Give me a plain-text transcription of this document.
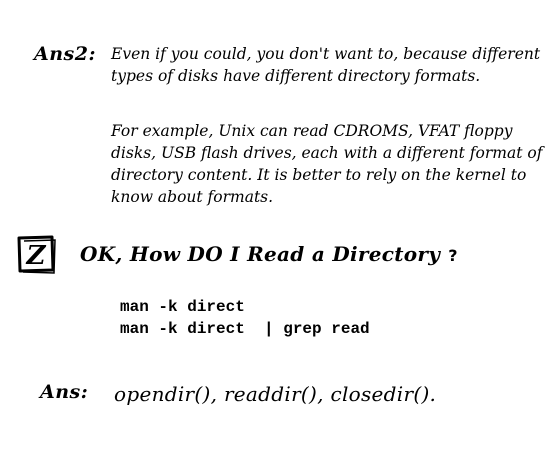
Ans2: Even if you could, you don't want to, because different types of disks have different directory formats.
For example, Unix can read CDROMS, VFAT floppy disks, USB flash drives, each with a different format of directory content. It is better to rely on the kernel to know about formats.
Z OK, How DO I Read a Directory ?
man -k direct
man -k direct  | grep read
Ans: opendir(), readdir(), closedir().
